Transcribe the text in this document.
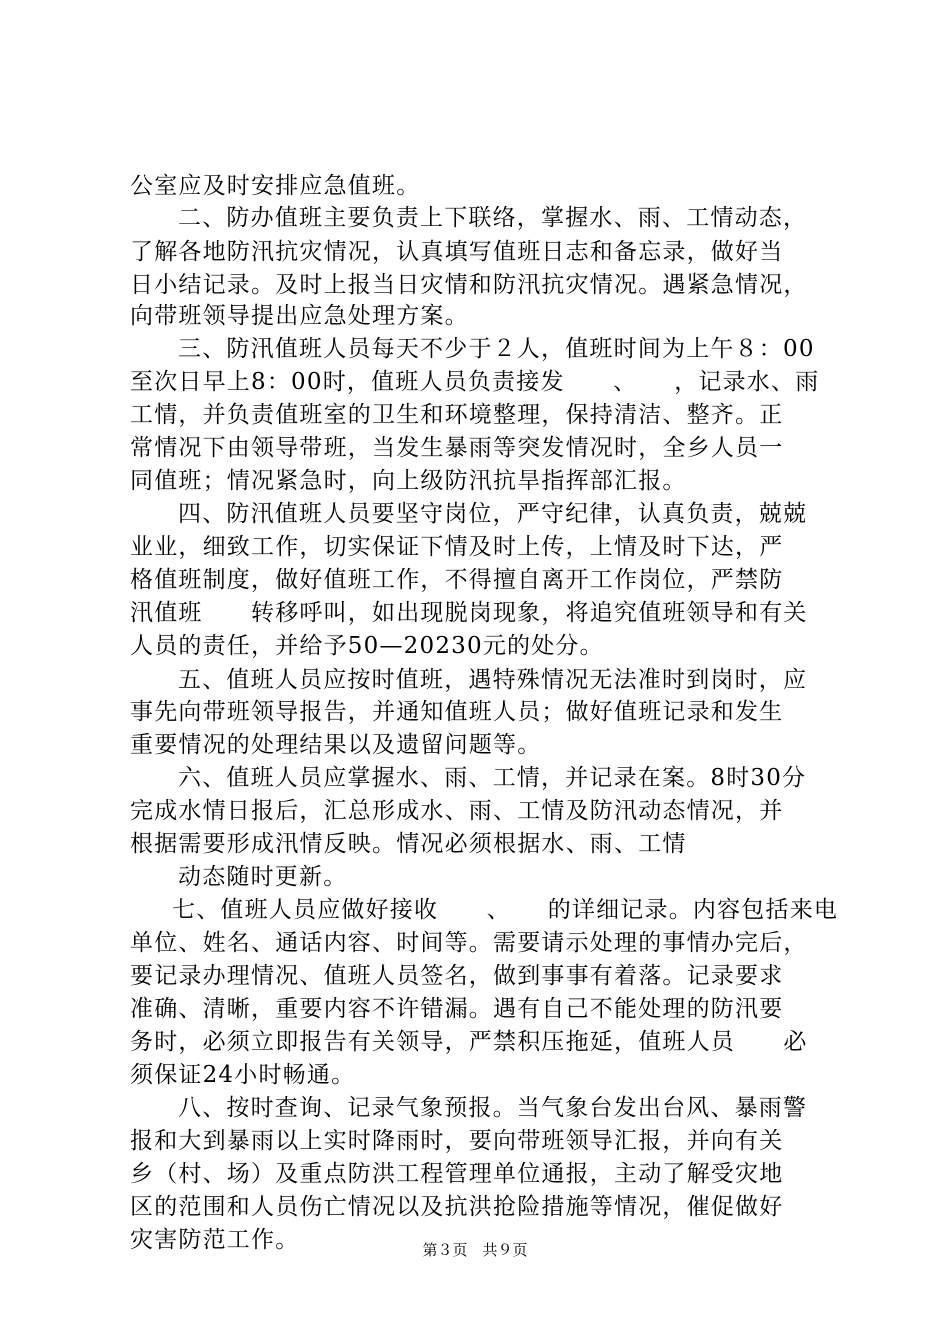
公室应及时安排应急值班。
二、防办值班主要负责上下联络，掌握水、雨、工情动态，
了解各地防汛抗灾情况，认真填写值班日志和备忘录，做好当
日小结记录。及时上报当日灾情和防汛抗灾情况。遇紧急情况，
向带班领导提出应急处理方案。
三、防汛值班人员每天不少于２人，值班时间为上午８：00
至次日早上8：00时，值班人员负责接发　　、　　，记录水、雨
工情，并负责值班室的卫生和环境整理，保持清洁、整齐。正
常情况下由领导带班，当发生暴雨等突发情况时，全乡人员一
同值班；情况紧急时，向上级防汛抗旱指挥部汇报。
四、防汛值班人员要坚守岗位，严守纪律，认真负责，兢兢
业业，细致工作，切实保证下情及时上传，上情及时下达，严
格值班制度，做好值班工作，不得擅自离开工作岗位，严禁防
汛值班　　转移呼叫，如出现脱岗现象，将追究值班领导和有关
人员的责任，并给予50—20230元的处分。
五、值班人员应按时值班，遇特殊情况无法准时到岗时，应
事先向带班领导报告，并通知值班人员；做好值班记录和发生
重要情况的处理结果以及遗留问题等。
六、值班人员应掌握水、雨、工情，并记录在案。8时30分
完成水情日报后，汇总形成水、雨、工情及防汛动态情况，并
根据需要形成汛情反映。情况必须根据水、雨、工情
动态随时更新。
七、值班人员应做好接收　　、　　的详细记录。内容包括来电
单位、姓名、通话内容、时间等。需要请示处理的事情办完后，
要记录办理情况、值班人员签名，做到事事有着落。记录要求
准确、清晰，重要内容不许错漏。遇有自己不能处理的防汛要
务时，必须立即报告有关领导，严禁积压拖延，值班人员　　必
须保证24小时畅通。
八、按时查询、记录气象预报。当气象台发出台风、暴雨警
报和大到暴雨以上实时降雨时，要向带班领导汇报，并向有关
乡（村、场）及重点防洪工程管理单位通报，主动了解受灾地
区的范围和人员伤亡情况以及抗洪抢险措施等情况，催促做好
灾害防范工作。	第３页　共９页
